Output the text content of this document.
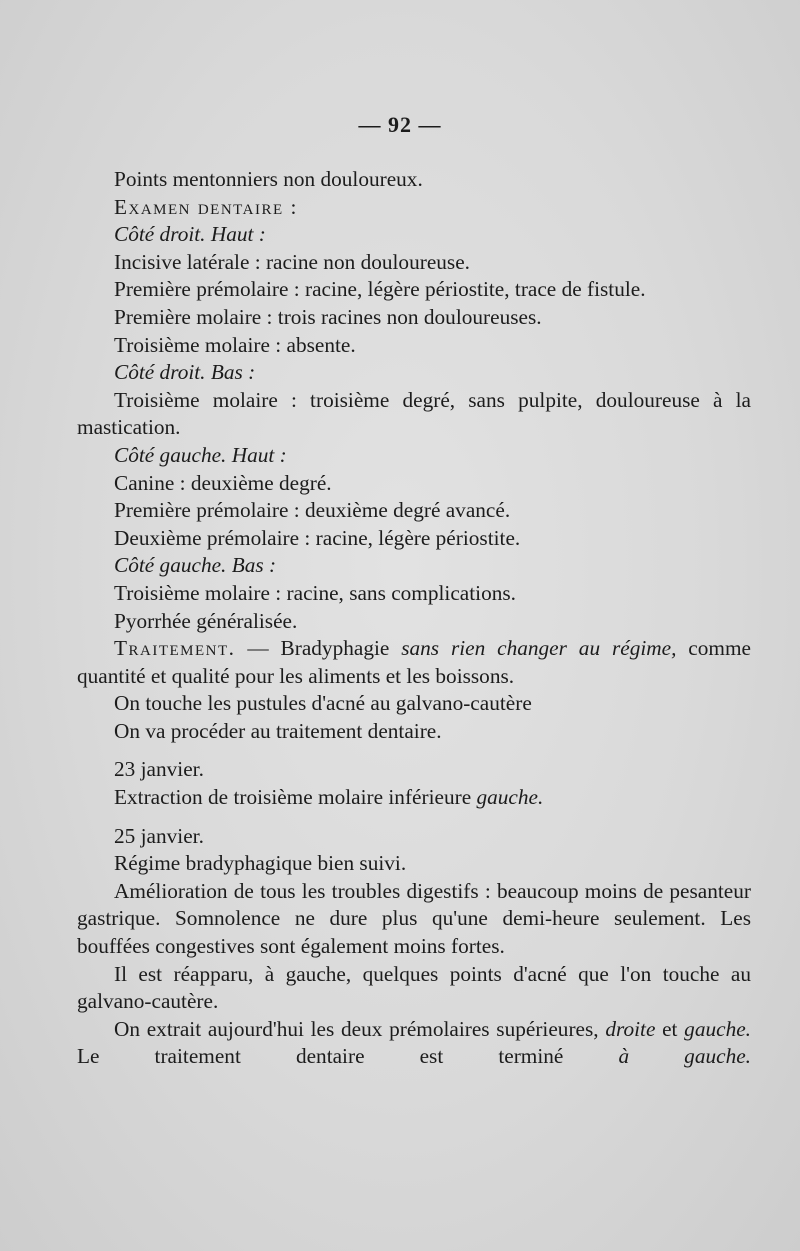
— 92 —

Points mentonniers non douloureux.

Examen dentaire :

Côté droit. Haut :

Incisive latérale : racine non douloureuse.

Première prémolaire : racine, légère périostite, trace de fistule.

Première molaire : trois racines non douloureuses.

Troisième molaire : absente.

Côté droit. Bas :

Troisième molaire : troisième degré, sans pulpite, douloureuse à la mastication.

Côté gauche. Haut :

Canine : deuxième degré.

Première prémolaire : deuxième degré avancé.

Deuxième prémolaire : racine, légère périostite.

Côté gauche. Bas :

Troisième molaire : racine, sans complications.

Pyorrhée généralisée.

Traitement. — Bradyphagie sans rien changer au régime, comme quantité et qualité pour les aliments et les boissons.

On touche les pustules d'acné au galvano-cautère

On va procéder au traitement dentaire.

23 janvier.

Extraction de troisième molaire inférieure gauche.

25 janvier.

Régime bradyphagique bien suivi.

Amélioration de tous les troubles digestifs : beaucoup moins de pesanteur gastrique. Somnolence ne dure plus qu'une demi-heure seulement. Les bouffées congestives sont également moins fortes.

Il est réapparu, à gauche, quelques points d'acné que l'on touche au galvano-cautère.

On extrait aujourd'hui les deux prémolaires supérieures, droite et gauche. Le traitement dentaire est terminé à gauche.
